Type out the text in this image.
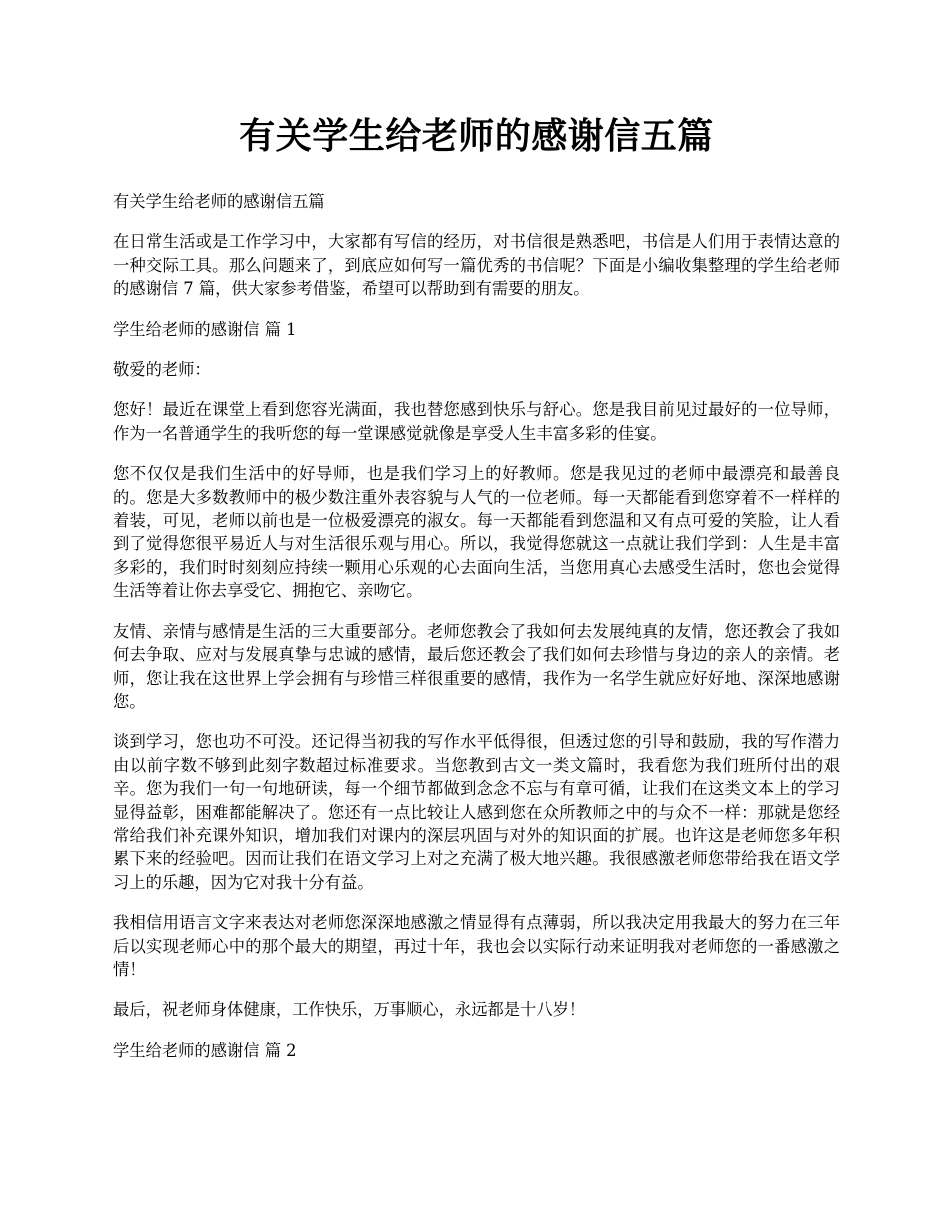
有关学生给老师的感谢信五篇

有关学生给老师的感谢信五篇

在日常生活或是工作学习中，大家都有写信的经历，对书信很是熟悉吧，书信是人们用于表情达意的一种交际工具。那么问题来了，到底应如何写一篇优秀的书信呢？下面是小编收集整理的学生给老师的感谢信 7 篇，供大家参考借鉴，希望可以帮助到有需要的朋友。

学生给老师的感谢信 篇 1

敬爱的老师：

您好！最近在课堂上看到您容光满面，我也替您感到快乐与舒心。您是我目前见过最好的一位导师，作为一名普通学生的我听您的每一堂课感觉就像是享受人生丰富多彩的佳宴。

您不仅仅是我们生活中的好导师，也是我们学习上的好教师。您是我见过的老师中最漂亮和最善良的。您是大多数教师中的极少数注重外表容貌与人气的一位老师。每一天都能看到您穿着不一样样的着装，可见，老师以前也是一位极爱漂亮的淑女。每一天都能看到您温和又有点可爱的笑脸，让人看到了觉得您很平易近人与对生活很乐观与用心。所以，我觉得您就这一点就让我们学到：人生是丰富多彩的，我们时时刻刻应持续一颗用心乐观的心去面向生活，当您用真心去感受生活时，您也会觉得生活等着让你去享受它、拥抱它、亲吻它。

友情、亲情与感情是生活的三大重要部分。老师您教会了我如何去发展纯真的友情，您还教会了我如何去争取、应对与发展真挚与忠诚的感情，最后您还教会了我们如何去珍惜与身边的亲人的亲情。老师，您让我在这世界上学会拥有与珍惜三样很重要的感情，我作为一名学生就应好好地、深深地感谢您。

谈到学习，您也功不可没。还记得当初我的写作水平低得很，但透过您的引导和鼓励，我的写作潜力由以前字数不够到此刻字数超过标准要求。当您教到古文一类文篇时，我看您为我们班所付出的艰辛。您为我们一句一句地研读，每一个细节都做到念念不忘与有章可循，让我们在这类文本上的学习显得益彰，困难都能解决了。您还有一点比较让人感到您在众所教师之中的与众不一样：那就是您经常给我们补充课外知识，增加我们对课内的深层巩固与对外的知识面的扩展。也许这是老师您多年积累下来的经验吧。因而让我们在语文学习上对之充满了极大地兴趣。我很感激老师您带给我在语文学习上的乐趣，因为它对我十分有益。

我相信用语言文字来表达对老师您深深地感激之情显得有点薄弱，所以我决定用我最大的努力在三年后以实现老师心中的那个最大的期望，再过十年，我也会以实际行动来证明我对老师您的一番感激之情！

最后，祝老师身体健康，工作快乐，万事顺心，永远都是十八岁！

学生给老师的感谢信 篇 2
